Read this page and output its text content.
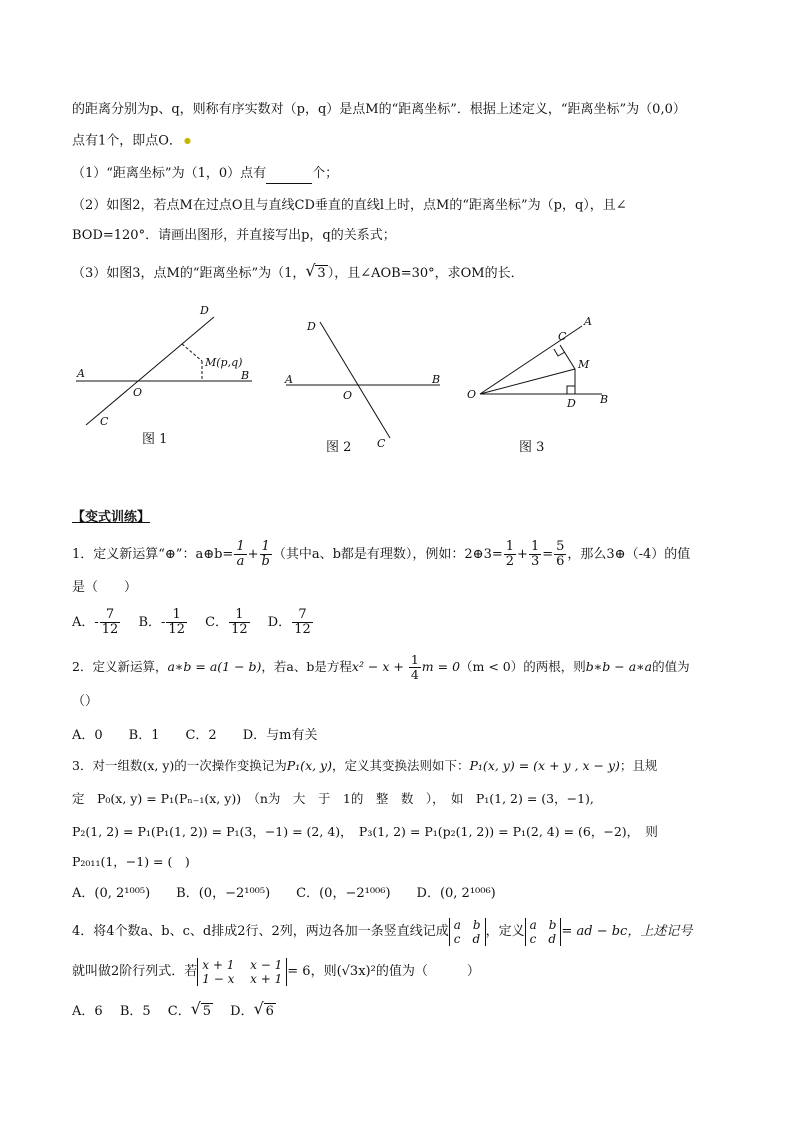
的距离分别为p、q，则称有序实数对（p，q）是点M的“距离坐标”．根据上述定义，“距离坐标”为（0,0）
点有1个，即点O． ●
（1）“距离坐标”为（1，0）点有	个；
（2）如图2，若点M在过点O且与直线CD垂直的直线l上时，点M的“距离坐标”为（p，q），且∠
BOD=120°．请画出图形，并直接写出p，q的关系式；
（3）如图3，点M的“距离坐标”为（1， √ 3 ），且∠AOB=30°，求OM的长．
D
M(p,q)
A
O
B
C
图 1
D
A
O
B
C
图 2
C
A
M
O
D B
图 3
【变式训练】
1．定义新运算“⊕”：a⊕b= $\frac{1}{a} + \frac{1}{b}$ （其中a、b都是有理数），例如：2⊕3= $\frac{1}{2} + \frac{1}{3} = \frac{5}{6}$ ，那么3⊕（-4）的值
是（　　）
A．- $\frac{7}{12}$
　 B．- $\frac{1}{12}$
　 C． $\frac{1}{12}$
　 D． $\frac{7}{12}$
2．定义新运算，a∗b = a(1 − b)，若a、b是方程$x^2 - x + \frac{1}{4}$ m = 0（m < 0）的两根，则b∗b − a∗a的值为
（）
A．0　　B．1　　C．2　　D．与m有关
3．对一组数(x, y)的一次操作变换记为P₁(x, y)，定义其变换法则如下：P₁(x, y) = (x + y , x − y)；且规
定　P₀(x, y) = P₁(Pₙ₋₁(x, y))　（n为　大　于　1的　整　数　），　如　P₁(1, 2) = (3，−1),
P₂(1, 2) = P₁(P₁(1, 2)) = P₁(3，−1) = (2, 4)，　P₃(1, 2) = P₁(p₂(1, 2)) = P₁(2, 4) = (6，−2)，　则
P₂₀₁₁(1，−1) = (　)
A．(0, 2¹⁰⁰⁵)　　B．(0，−2¹⁰⁰⁵)　　C．(0，−2¹⁰⁰⁶)　　D．(0, 2¹⁰⁰⁶)
4．将4个数a、b、c、d排成2行、2列，两边各加一条竖直线记成 a　b
c　d ，定义 a　b
c　d = ad − bc，上述记号
就叫做2阶行列式．若 x + 1　 x − 1
1 − x　 x + 1 = 6，则(√3x)²的值为（　　　）
A．6　 B．5　 C． √ 5　 D． √ 6
